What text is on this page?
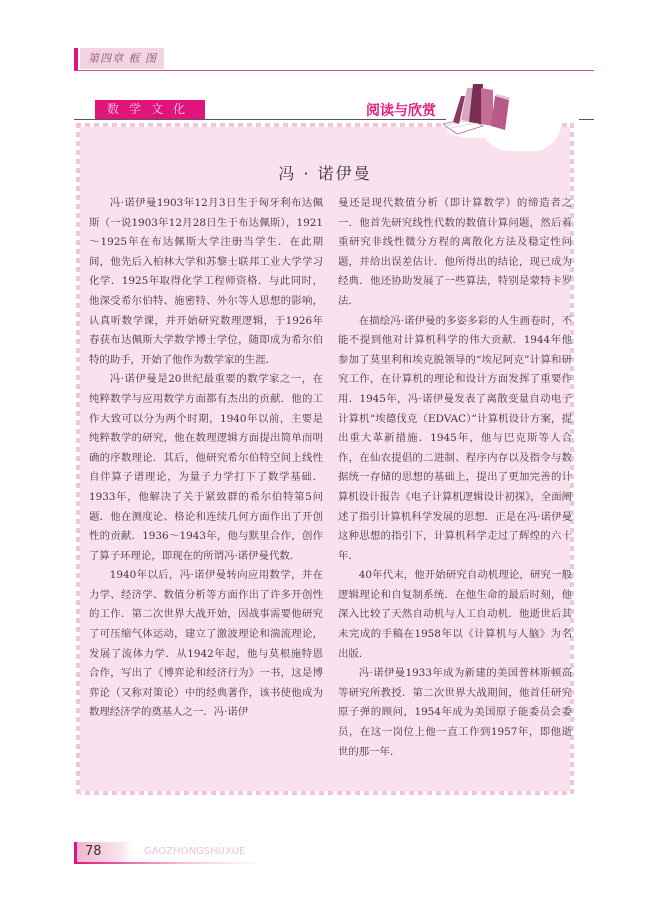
第四章 框 图
数学文化	阅读与欣赏
冯 · 诺伊曼

冯·诺伊曼1903年12月3日生于匈牙利布达佩斯（一说1903年12月28日生于布达佩斯），1921～1925年在布达佩斯大学注册当学生．在此期间，他先后入柏林大学和苏黎士联邦工业大学学习化学．1925年取得化学工程师资格．与此同时，他深受希尔伯特、施密特、外尔等人思想的影响，认真听数学课，并开始研究数理逻辑，于1926年春获布达佩斯大学数学博士学位，随即成为希尔伯特的助手，开始了他作为数学家的生涯．

冯·诺伊曼是20世纪最重要的数学家之一，在纯粹数学与应用数学方面都有杰出的贡献．他的工作大致可以分为两个时期，1940年以前，主要是纯粹数学的研究，他在数理逻辑方面提出简单而明确的序数理论．其后，他研究希尔伯特空间上线性自伴算子谱理论，为量子力学打下了数学基础．1933年，他解决了关于紧致群的希尔伯特第5问题．他在测度论、格论和连续几何方面作出了开创性的贡献．1936～1943年，他与默里合作，创作了算子环理论，即现在的所谓冯·诺伊曼代数．

1940年以后，冯·诺伊曼转向应用数学，并在力学、经济学、数值分析等方面作出了许多开创性的工作．第二次世界大战开始，因战事需要他研究了可压缩气体运动，建立了激波理论和湍流理论，发展了流体力学．从1942年起，他与莫根施特恩合作，写出了《博弈论和经济行为》一书，这是博弈论（又称对策论）中的经典著作，该书使他成为数理经济学的奠基人之一．冯·诺伊

曼还是现代数值分析（即计算数学）的缔造者之一．他首先研究线性代数的数值计算问题，然后着重研究非线性微分方程的离散化方法及稳定性问题，并给出误差估计．他所得出的结论，现已成为经典．他还协助发展了一些算法，特别是蒙特卡罗法．

在描绘冯·诺伊曼的多姿多彩的人生画卷时，不能不提到他对计算机科学的伟大贡献．1944年他参加了莫里利和埃克脱领导的“埃尼阿克”计算和研究工作，在计算机的理论和设计方面发挥了重要作用．1945年，冯·诺伊曼发表了离散变量自动电子计算机“埃德伐克（EDVAC）”计算机设计方案，提出重大革新措施．1945年，他与巴克斯等人合作，在仙农提倡的二进制、程序内存以及指令与数据统一存储的思想的基础上，提出了更加完善的计算机设计报告《电子计算机逻辑设计初探》，全面阐述了指引计算机科学发展的思想．正是在冯·诺伊曼这种思想的指引下，计算机科学走过了辉煌的六十年．

40年代末，他开始研究自动机理论，研究一般逻辑理论和自复制系统．在他生命的最后时刻，他深入比较了天然自动机与人工自动机．他逝世后其未完成的手稿在1958年以《计算机与人脑》为名出版．

冯·诺伊曼1933年成为新建的美国普林斯顿高等研究所教授．第二次世界大战期间，他首任研究原子弹的顾问，1954年成为美国原子能委员会委员，在这一岗位上他一直工作到1957年，即他逝世的那一年．

78	GAOZHONGSHUXUE
